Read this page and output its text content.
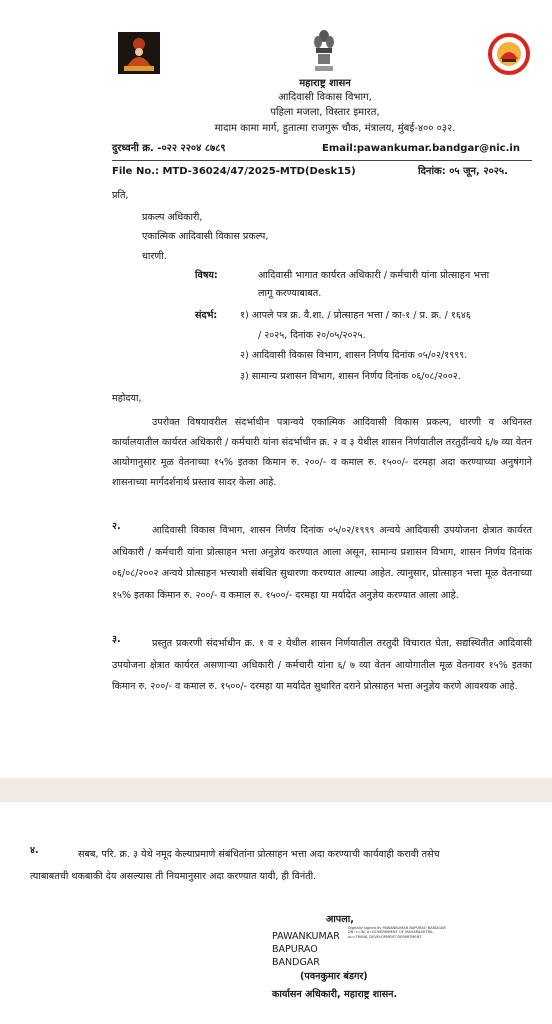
महाराष्ट्र शासन
आदिवासी विकास विभाग,
पहिला मजला, विस्तार इमारत,
मादाम कामा मार्ग, हुतात्मा राजगुरू चौक, मंत्रालय, मुंबई-४०० ०३२.
दुरध्वनी क्र. -०२२ २२०४ ८७८९	Email:pawankumar.bandgar@nic.in
File No.: MTD-36024/47/2025-MTD(Desk15)	दिनांक: ०५ जून, २०२५.
प्रति,
प्रकल्प अधिकारी,
एकात्मिक आदिवासी विकास प्रकल्प,
धारणी.
विषय:	आदिवासी भागात कार्यरत अधिकारी / कर्मचारी यांना प्रोत्साहन भत्ता
लागू करण्याबाबत.
संदर्भ: १) आपले पत्र क्र. वै.शा. / प्रोत्साहन भत्ता / का-१ / प्र. क्र. / १६४६
/ २०२५, दिनांक २०/०५/२०२५.
२) आदिवासी विकास विभाग, शासन निर्णय दिनांक ०५/०२/१९९९.
३) सामान्य प्रशासन विभाग, शासन निर्णय दिनांक ०६/०८/२००२.
महोदया,
उपरोक्त विषयावरील संदर्भाधीन पत्रान्वये एकात्मिक आदिवासी विकास प्रकल्प, धारणी व अधिनस्त कार्यालयातील कार्यरत अधिकारी / कर्मचारी यांना संदर्भाधीन क्र. २ व ३ येथील शासन निर्णयातील तरतुदींन्वये ६/७ व्या वेतन आयोगानुसार मूळ वेतनाच्या १५% इतका किमान रु. २००/- व कमाल रु. १५००/- दरमहा अदा करण्याच्या अनुषंगाने शासनाच्या मार्गदर्शनार्थ प्रस्ताव सादर केला आहे.
२.	आदिवासी विकास विभाग, शासन निर्णय दिनांक ०५/०२/१९९९ अन्वये आदिवासी उपयोजना क्षेत्रात कार्यरत अधिकारी / कर्मचारी यांना प्रोत्साहन भत्ता अनुज्ञेय करण्यात आला असून, सामान्य प्रशासन विभाग, शासन निर्णय दिनांक ०६/०८/२००२ अन्वये प्रोत्साहन भत्त्याशी संबंधित सुधारणा करण्यात आल्या आहेत. त्यानुसार, प्रोत्साहन भत्ता मूळ वेतनाच्या १५% इतका किमान रु. २००/- व कमाल रु. १५००/- दरमहा या मर्यादेत अनुज्ञेय करण्यात आला आहे.
३.	प्रस्तुत प्रकरणी संदर्भाधीन क्र. १ व २ येथील शासन निर्णयातील तरतुदी विचारात घेता, सद्यस्थितीत आदिवासी उपयोजना क्षेत्रात कार्यरत असणाऱ्या अधिकारी / कर्मचारी यांना ६/ ७ व्या वेतन आयोगातील मूळ वेतनावर १५% इतका किमान रु. २००/- व कमाल रु. १५००/- दरमहा या मर्यादेत सुधारित दराने प्रोत्साहन भत्ता अनुज्ञेय करणे आवश्यक आहे.
४.	सबब, परि. क्र. ३ येथे नमूद केल्याप्रमाणे संबंधितांना प्रोत्साहन भत्ता अदा करण्याची कार्यवाही करावी तसेच त्याबाबतची थकबाकी देय असल्यास ती नियमानुसार अदा करण्यात यावी, ही विनंती.
आपला,
PAWANKUMAR
BAPURAO
BANDGAR
Digitally signed by PAWANKUMAR BAPURAO BANDGAR DN: c=IN, o=GOVERNMENT OF MAHARASHTRA, ou=TRIBAL DEVELOPMENT DEPARTMENT
(पवनकुमार बंडगर)
कार्यासन अधिकारी, महाराष्ट्र शासन.
